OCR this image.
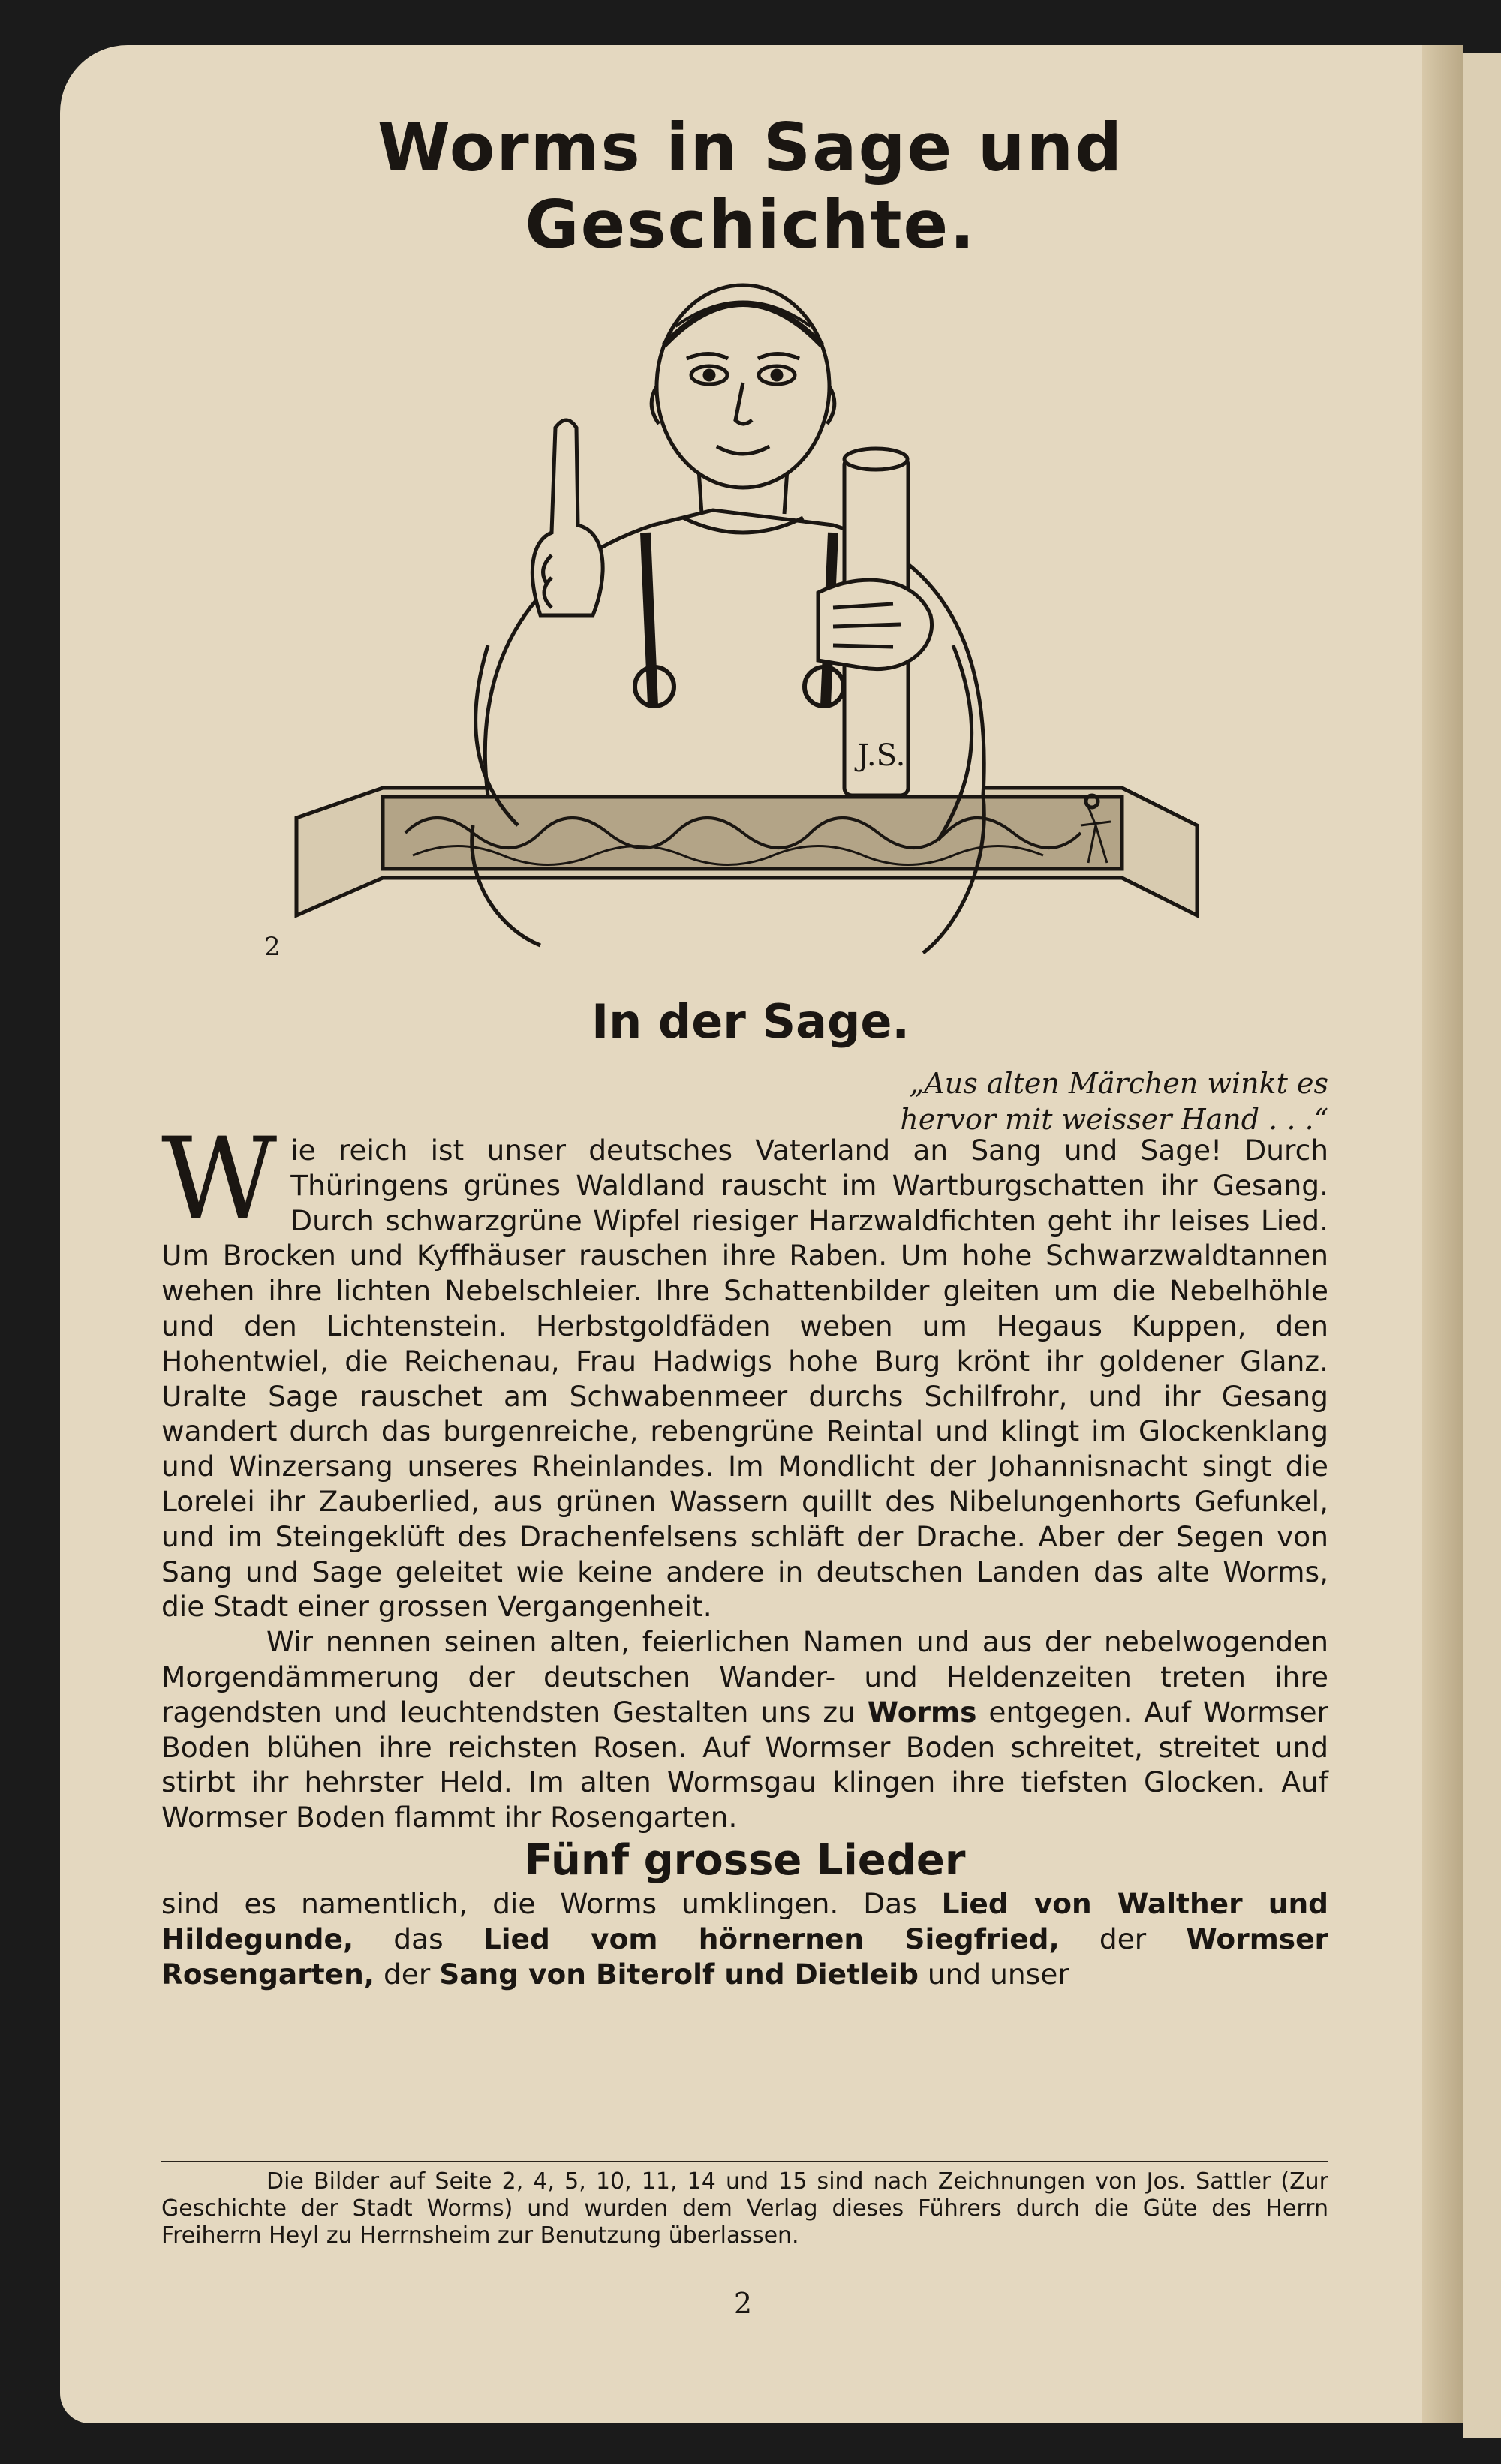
Worms in Sage und Geschichte.
J.S.

2

In der Sage.

„Aus alten Märchen winkt es
hervor mit weisser Hand . . .“

Wie reich ist unser deutsches Vaterland an Sang und Sage! Durch Thüringens grünes Waldland rauscht im Wartburgschatten ihr Gesang. Durch schwarzgrüne Wipfel riesiger Harzwaldfichten geht ihr leises Lied. Um Brocken und Kyffhäuser rauschen ihre Raben. Um hohe Schwarzwaldtannen wehen ihre lichten Nebelschleier. Ihre Schattenbilder gleiten um die Nebelhöhle und den Lichtenstein. Herbstgoldfäden weben um Hegaus Kuppen, den Hohentwiel, die Reichenau, Frau Hadwigs hohe Burg krönt ihr goldener Glanz. Uralte Sage rauschet am Schwabenmeer durchs Schilfrohr, und ihr Gesang wandert durch das burgenreiche, rebengrüne Reintal und klingt im Glockenklang und Winzersang unseres Rheinlandes. Im Mondlicht der Johannisnacht singt die Lorelei ihr Zauberlied, aus grünen Wassern quillt des Nibelungenhorts Gefunkel, und im Steingeklüft des Drachenfelsens schläft der Drache. Aber der Segen von Sang und Sage geleitet wie keine andere in deutschen Landen das alte Worms, die Stadt einer grossen Vergangenheit.

Wir nennen seinen alten, feierlichen Namen und aus der nebelwogenden Morgendämmerung der deutschen Wander- und Heldenzeiten treten ihre ragendsten und leuchtendsten Gestalten uns zu Worms entgegen. Auf Wormser Boden blühen ihre reichsten Rosen. Auf Wormser Boden schreitet, streitet und stirbt ihr hehrster Held. Im alten Wormsgau klingen ihre tiefsten Glocken. Auf Wormser Boden flammt ihr Rosengarten.

Fünf grosse Lieder

sind es namentlich, die Worms umklingen. Das Lied von Walther und Hildegunde, das Lied vom hörnernen Siegfried, der Wormser Rosengarten, der Sang von Biterolf und Dietleib und unser

Die Bilder auf Seite 2, 4, 5, 10, 11, 14 und 15 sind nach Zeichnungen von Jos. Sattler (Zur Geschichte der Stadt Worms) und wurden dem Verlag dieses Führers durch die Güte des Herrn Freiherrn Heyl zu Herrnsheim zur Benutzung überlassen.

2
